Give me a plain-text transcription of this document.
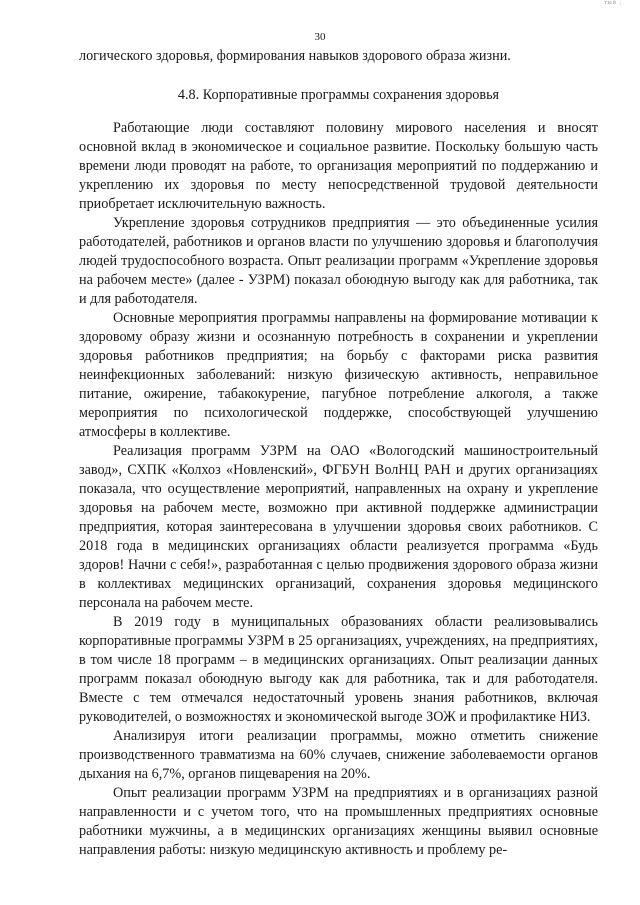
тый ;
30

логического здоровья, формирования навыков здорового образа жизни.

4.8. Корпоративные программы сохранения здоровья

Работающие люди составляют половину мирового населения и вносят основной вклад в экономическое и социальное развитие. Поскольку большую часть времени люди проводят на работе, то организация мероприятий по поддержанию и укреплению их здоровья по месту непосредственной трудовой деятельности приобретает исключительную важность.

Укрепление здоровья сотрудников предприятия — это объединенные усилия работодателей, работников и органов власти по улучшению здоровья и благополучия людей трудоспособного возраста. Опыт реализации программ «Укрепление здоровья на рабочем месте» (далее - УЗРМ) показал обоюдную выгоду как для работника, так и для работодателя.

Основные мероприятия программы направлены на формирование мотивации к здоровому образу жизни и осознанную потребность в сохранении и укреплении здоровья работников предприятия; на борьбу с факторами риска развития неинфекционных заболеваний: низкую физическую активность, неправильное питание, ожирение, табакокурение, пагубное потребление алкоголя, а также мероприятия по психологической поддержке, способствующей улучшению атмосферы в коллективе.

Реализация программ УЗРМ на ОАО «Вологодский машиностроительный завод», СХПК «Колхоз «Новленский», ФГБУН ВолНЦ РАН и других организациях показала, что осуществление мероприятий, направленных на охрану и укрепление здоровья на рабочем месте, возможно при активной поддержке администрации предприятия, которая заинтересована в улучшении здоровья своих работников. С 2018 года в медицинских организациях области реализуется программа «Будь здоров! Начни с себя!», разработанная с целью продвижения здорового образа жизни в коллективах медицинских организаций, сохранения здоровья медицинского персонала на рабочем месте.

В 2019 году в муниципальных образованиях области реализовывались корпоративные программы УЗРМ в 25 организациях, учреждениях, на предприятиях, в том числе 18 программ – в медицинских организациях. Опыт реализации данных программ показал обоюдную выгоду как для работника, так и для работодателя. Вместе с тем отмечался недостаточный уровень знания работников, включая руководителей, о возможностях и экономической выгоде ЗОЖ и профилактике НИЗ.

Анализируя итоги реализации программы, можно отметить снижение производственного травматизма на 60% случаев, снижение заболеваемости органов дыхания на 6,7%, органов пищеварения на 20%.

Опыт реализации программ УЗРМ на предприятиях и в организациях разной направленности и с учетом того, что на промышленных предприятиях основные работники мужчины, а в медицинских организациях женщины выявил основные направления работы: низкую медицинскую активность и проблему ре-
